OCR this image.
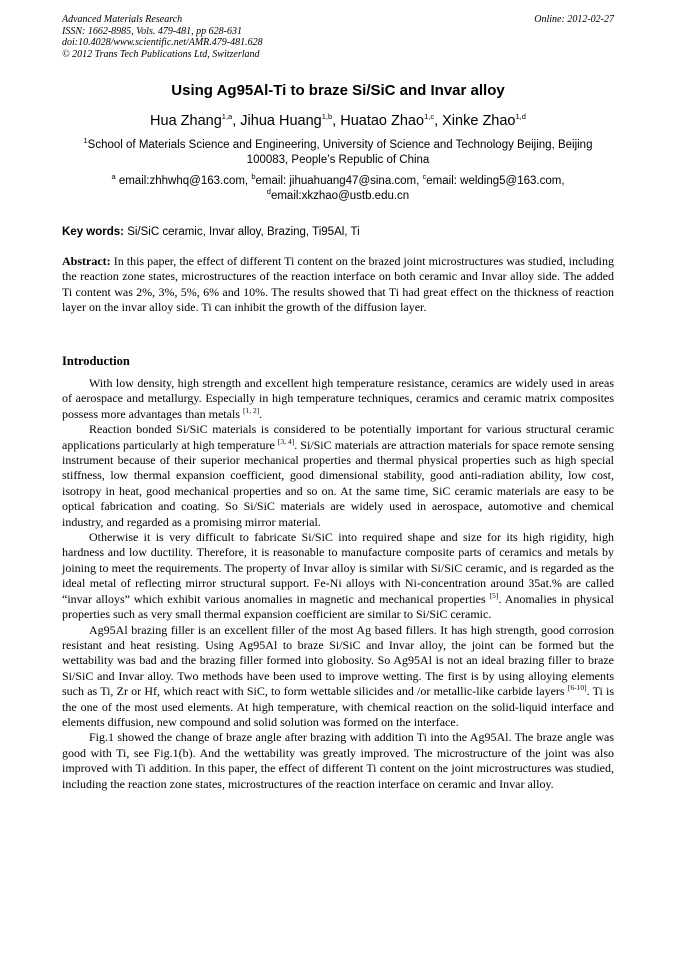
Advanced Materials Research
ISSN: 1662-8985, Vols. 479-481, pp 628-631
doi:10.4028/www.scientific.net/AMR.479-481.628
© 2012 Trans Tech Publications Ltd, Switzerland
Online: 2012-02-27
Using Ag95Al-Ti to braze Si/SiC and Invar alloy
Hua Zhang$^{1,a}$, Jihua Huang$^{1,b}$, Huatao Zhao$^{1,c}$, Xinke Zhao$^{1,d}$
$^1$School of Materials Science and Engineering, University of Science and Technology Beijing, Beijing
100083, People’s Republic of China
$^a$ email:zhhwhq@163.com, $^b$email: jihuahuang47@sina.com, $^c$email: welding5@163.com,
$^d$email:xkzhao@ustb.edu.cn
Key words: Si/SiC ceramic, Invar alloy, Brazing, Ti95Al, Ti
Abstract: In this paper, the effect of different Ti content on the brazed joint microstructures was studied, including the reaction zone states, microstructures of the reaction interface on both ceramic and Invar alloy side. The added Ti content was 2%, 3%, 5%, 6% and 10%. The results showed that Ti had great effect on the thickness of reaction layer on the invar alloy side. Ti can inhibit the growth of the diffusion layer.
Introduction

With low density, high strength and excellent high temperature resistance, ceramics are widely used in areas of aerospace and metallurgy. Especially in high temperature techniques, ceramics and ceramic matrix composites possess more advantages than metals [1, 2].

Reaction bonded Si/SiC materials is considered to be potentially important for various structural ceramic applications particularly at high temperature [3, 4]. Si/SiC materials are attraction materials for space remote sensing instrument because of their superior mechanical properties and thermal physical properties such as high special stiffness, low thermal expansion coefficient, good dimensional stability, good anti-radiation ability, low cost, isotropy in heat, good mechanical properties and so on. At the same time, SiC ceramic materials are easy to be optical fabrication and coating. So Si/SiC materials are widely used in aerospace, automotive and chemical industry, and regarded as a promising mirror material.

Otherwise it is very difficult to fabricate Si/SiC into required shape and size for its high rigidity, high hardness and low ductility. Therefore, it is reasonable to manufacture composite parts of ceramics and metals by joining to meet the requirements. The property of Invar alloy is similar with Si/SiC ceramic, and is regarded as the ideal metal of reflecting mirror structural support. Fe-Ni alloys with Ni-concentration around 35at.% are called “invar alloys” which exhibit various anomalies in magnetic and mechanical properties [5]. Anomalies in physical properties such as very small thermal expansion coefficient are similar to Si/SiC ceramic.

Ag95Al brazing filler is an excellent filler of the most Ag based fillers. It has high strength, good corrosion resistant and heat resisting. Using Ag95Al to braze Si/SiC and Invar alloy, the joint can be formed but the wettability was bad and the brazing filler formed into globosity. So Ag95Al is not an ideal brazing filler to braze Si/SiC and Invar alloy. Two methods have been used to improve wetting. The first is by using alloying elements such as Ti, Zr or Hf, which react with SiC, to form wettable silicides and /or metallic-like carbide layers [6-10]. Ti is the one of the most used elements. At high temperature, with chemical reaction on the solid-liquid interface and elements diffusion, new compound and solid solution was formed on the interface.

Fig.1 showed the change of braze angle after brazing with addition Ti into the Ag95Al. The braze angle was good with Ti, see Fig.1(b). And the wettability was greatly improved. The microstructure of the joint was also improved with Ti addition. In this paper, the effect of different Ti content on the joint microstructures was studied, including the reaction zone states, microstructures of the reaction interface on ceramic and Invar alloy.
